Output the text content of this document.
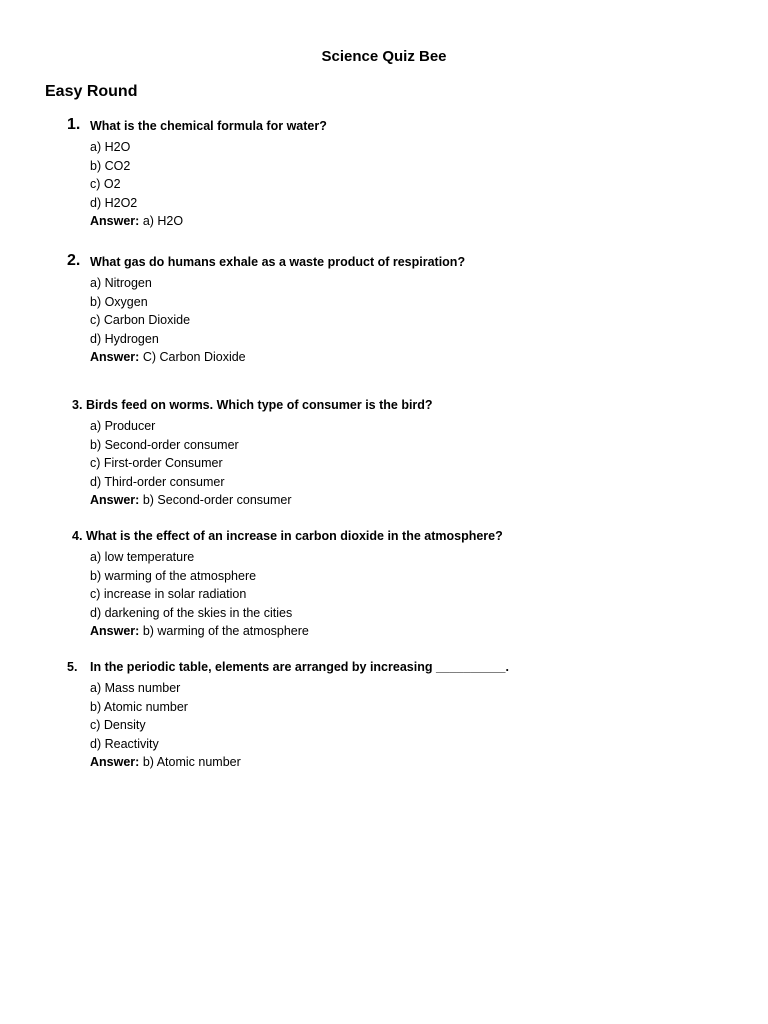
Science Quiz Bee
Easy Round
1. What is the chemical formula for water?
a) H2O
b) CO2
c) O2
d) H2O2
Answer: a) H2O
2. What gas do humans exhale as a waste product of respiration?
a) Nitrogen
b) Oxygen
c) Carbon Dioxide
d) Hydrogen
Answer: C) Carbon Dioxide
3. Birds feed on worms. Which type of consumer is the bird?
a) Producer
b) Second-order consumer
c) First-order Consumer
d) Third-order consumer
Answer: b) Second-order consumer
4. What is the effect of an increase in carbon dioxide in the atmosphere?
a) low temperature
b) warming of the atmosphere
c) increase in solar radiation
d) darkening of the skies in the cities
Answer: b) warming of the atmosphere
5. In the periodic table, elements are arranged by increasing __________.
a) Mass number
b) Atomic number
c) Density
d) Reactivity
Answer: b) Atomic number
